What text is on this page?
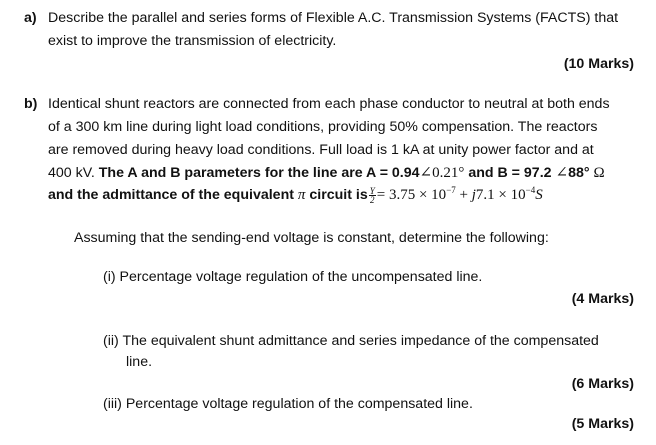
a) Describe the parallel and series forms of Flexible A.C. Transmission Systems (FACTS) that
exist to improve the transmission of electricity.
(10 Marks)
b) Identical shunt reactors are connected from each phase conductor to neutral at both ends
of a 300 km line during light load conditions, providing 50% compensation. The reactors
are removed during heavy load conditions. Full load is 1 kA at unity power factor and at
400 kV. The A and B parameters for the line are A = 0.94∠0.21° and B = 97.2 ∠88° Ω
and the admittance of the equivalent π circuit is $\frac{Y}{2} = 3.75 \times 10^{-7} + j7.1 \times 10^{-4}S$
Assuming that the sending-end voltage is constant, determine the following:
(i) Percentage voltage regulation of the uncompensated line.
(4 Marks)
(ii) The equivalent shunt admittance and series impedance of the compensated
line.
(6 Marks)
(iii) Percentage voltage regulation of the compensated line.
(5 Marks)
